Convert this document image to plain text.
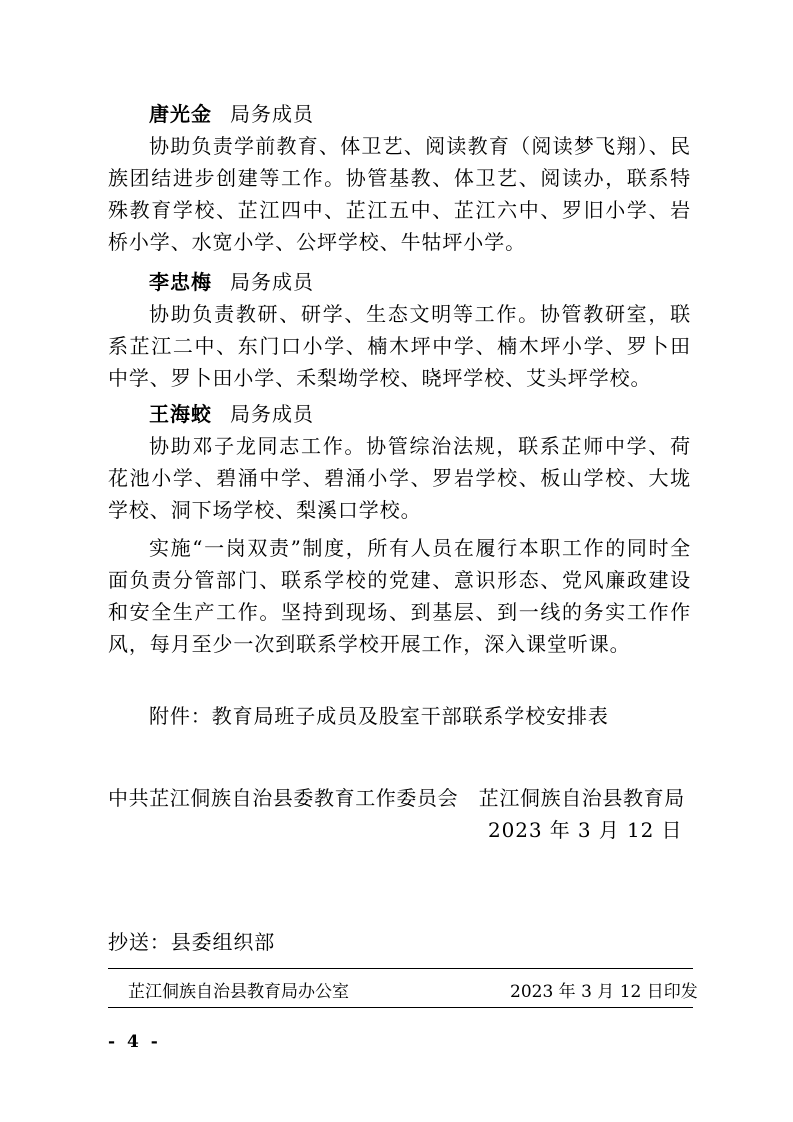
唐光金 局务成员

协助负责学前教育、体卫艺、阅读教育（阅读梦飞翔）、民族团结进步创建等工作。协管基教、体卫艺、阅读办，联系特殊教育学校、芷江四中、芷江五中、芷江六中、罗旧小学、岩桥小学、水宽小学、公坪学校、牛牯坪小学。

李忠梅 局务成员

协助负责教研、研学、生态文明等工作。协管教研室，联系芷江二中、东门口小学、楠木坪中学、楠木坪小学、罗卜田中学、罗卜田小学、禾梨坳学校、晓坪学校、艾头坪学校。

王海蛟 局务成员

协助邓子龙同志工作。协管综治法规，联系芷师中学、荷花池小学、碧涌中学、碧涌小学、罗岩学校、板山学校、大垅学校、洞下场学校、梨溪口学校。

实施“一岗双责”制度，所有人员在履行本职工作的同时全面负责分管部门、联系学校的党建、意识形态、党风廉政建设和安全生产工作。坚持到现场、到基层、到一线的务实工作作风，每月至少一次到联系学校开展工作，深入课堂听课。

附件：教育局班子成员及股室干部联系学校安排表

中共芷江侗族自治县委教育工作委员会　芷江侗族自治县教育局

2023 年 3 月 12 日

抄送：县委组织部

芷江侗族自治县教育局办公室	2023 年 3 月 12 日印发

- 4 -
